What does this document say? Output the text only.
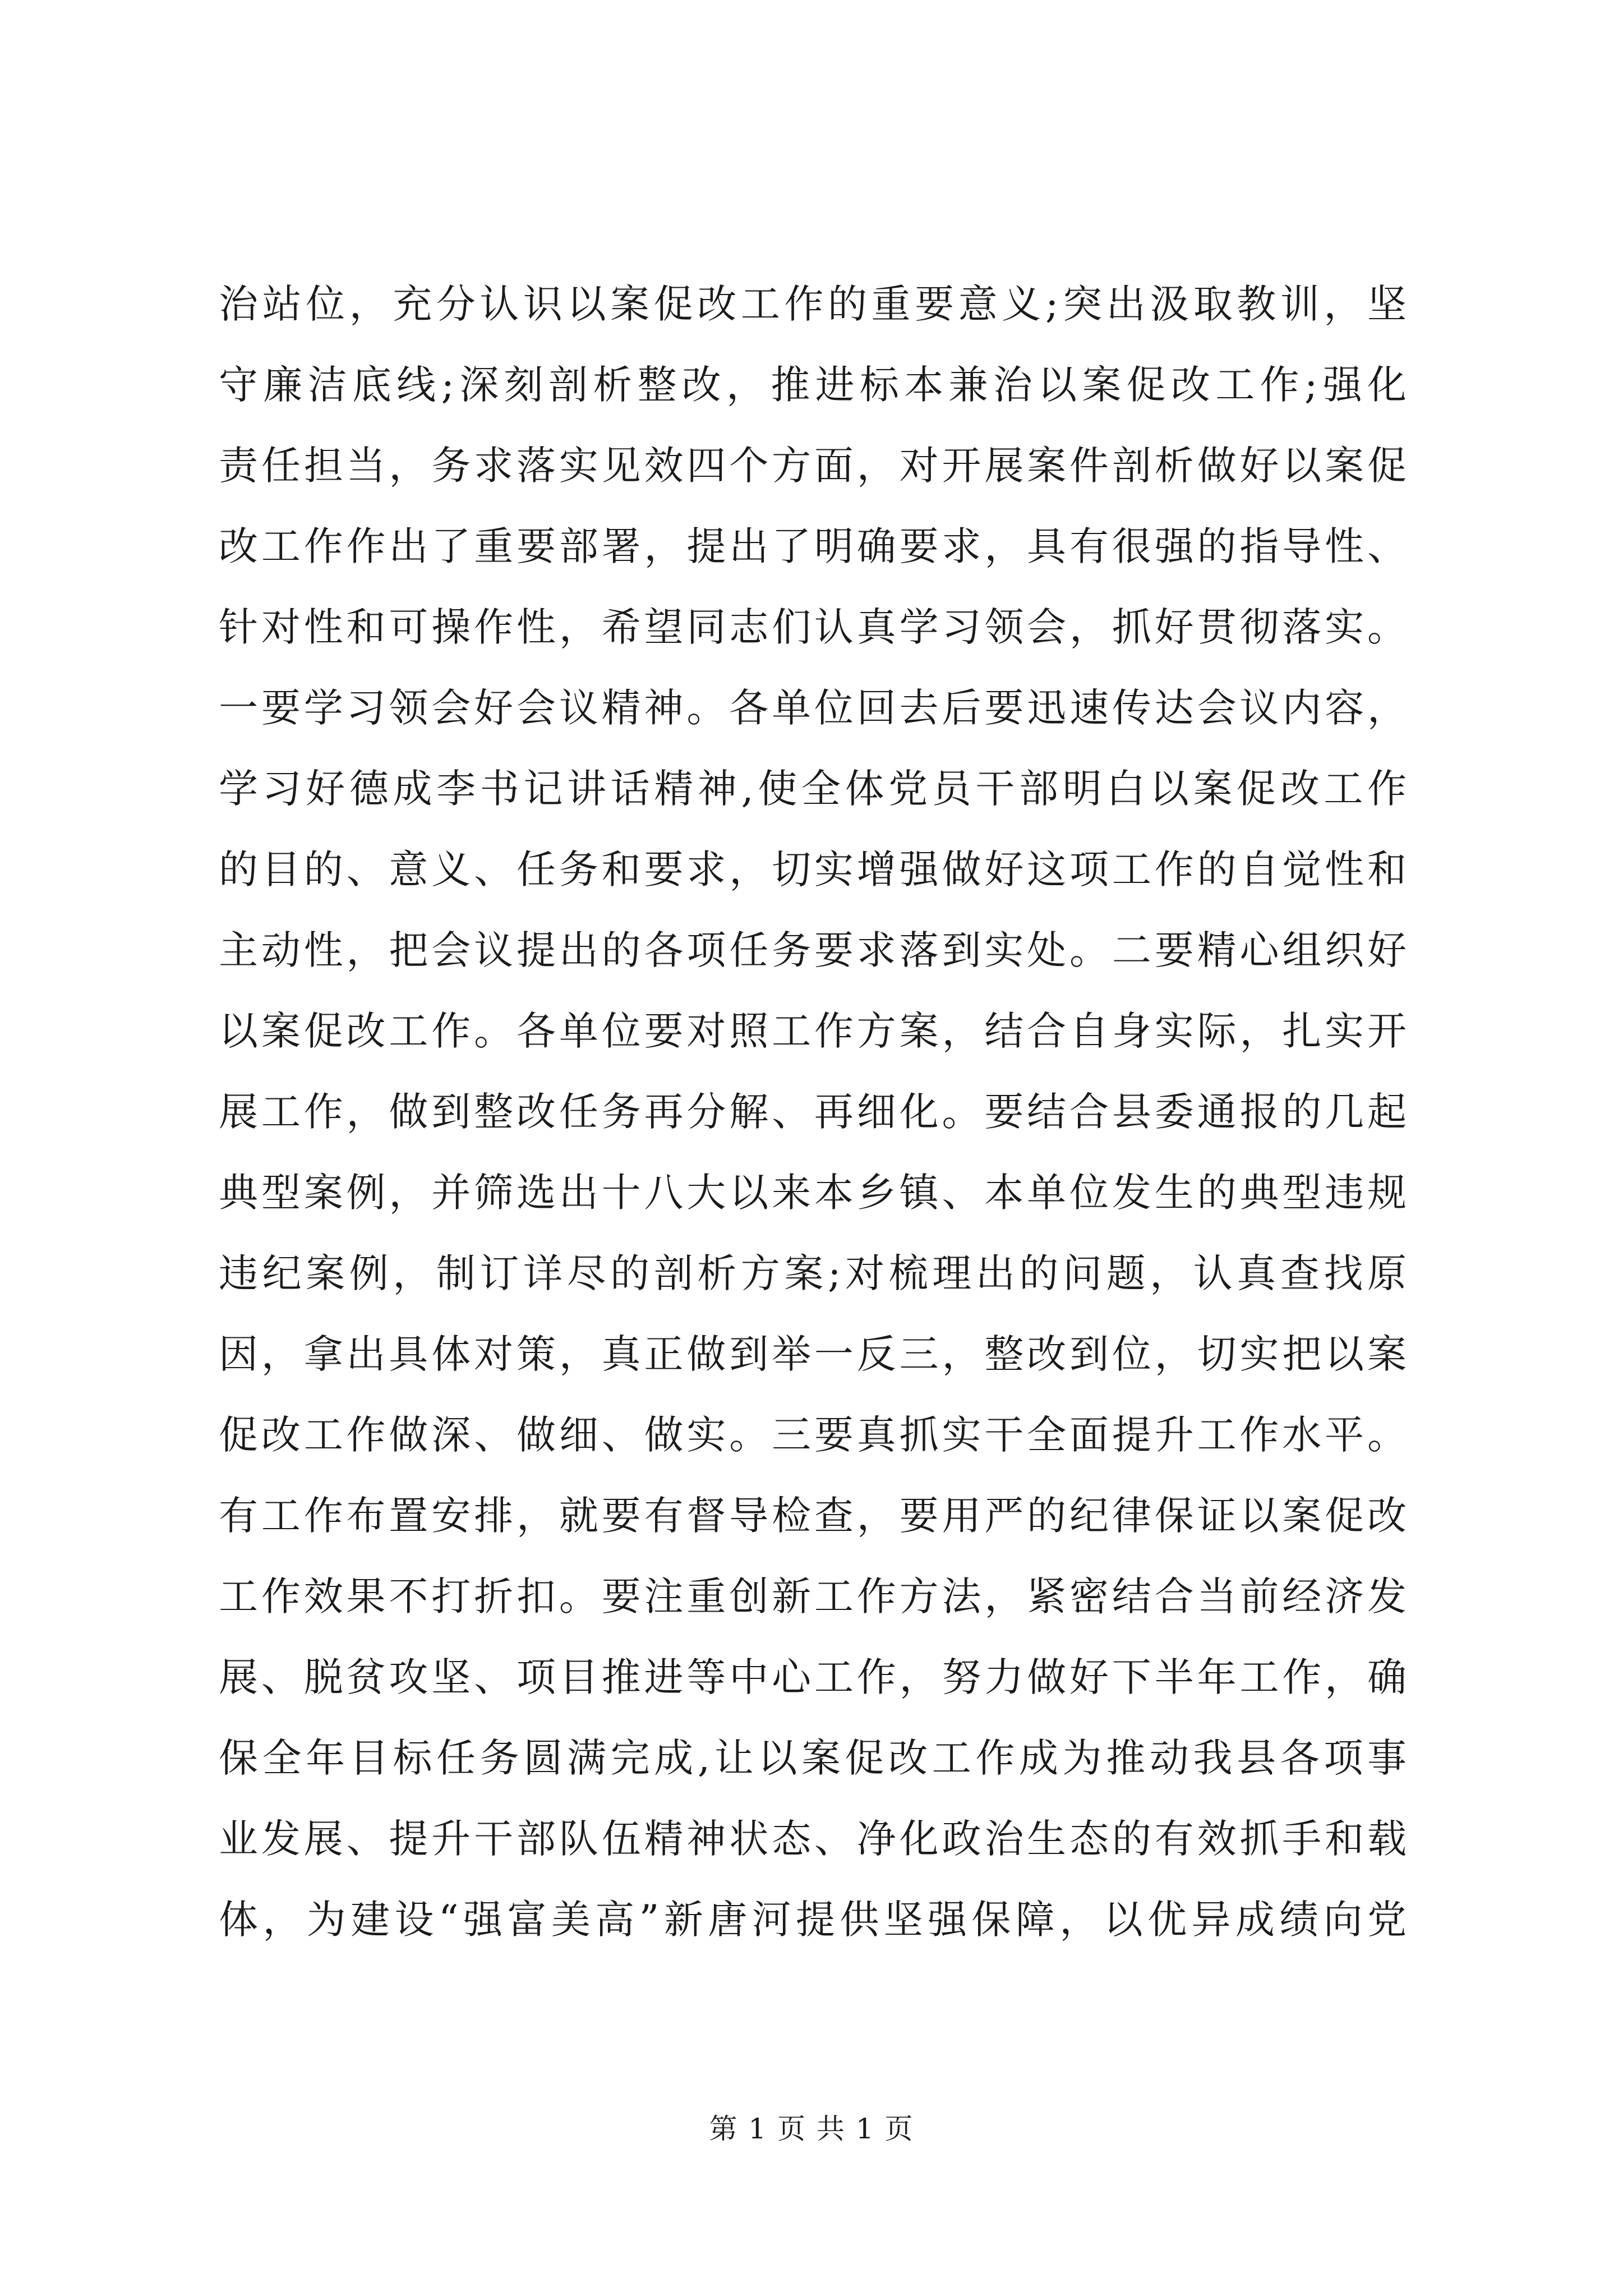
治站位，充分认识以案促改工作的重要意义;突出汲取教训，坚
守廉洁底线;深刻剖析整改，推进标本兼治以案促改工作;强化
责任担当，务求落实见效四个方面，对开展案件剖析做好以案促
改工作作出了重要部署，提出了明确要求，具有很强的指导性、
针对性和可操作性，希望同志们认真学习领会，抓好贯彻落实。
一要学习领会好会议精神。各单位回去后要迅速传达会议内容，
学习好德成李书记讲话精神,使全体党员干部明白以案促改工作
的目的、意义、任务和要求，切实增强做好这项工作的自觉性和
主动性，把会议提出的各项任务要求落到实处。二要精心组织好
以案促改工作。各单位要对照工作方案，结合自身实际，扎实开
展工作，做到整改任务再分解、再细化。要结合县委通报的几起
典型案例，并筛选出十八大以来本乡镇、本单位发生的典型违规
违纪案例，制订详尽的剖析方案;对梳理出的问题，认真查找原
因，拿出具体对策，真正做到举一反三，整改到位，切实把以案
促改工作做深、做细、做实。三要真抓实干全面提升工作水平。
有工作布置安排，就要有督导检查，要用严的纪律保证以案促改
工作效果不打折扣。要注重创新工作方法，紧密结合当前经济发
展、脱贫攻坚、项目推进等中心工作，努力做好下半年工作，确
保全年目标任务圆满完成,让以案促改工作成为推动我县各项事
业发展、提升干部队伍精神状态、净化政治生态的有效抓手和载
体，为建设“强富美高”新唐河提供坚强保障，以优异成绩向党
第 1 页 共 1 页
